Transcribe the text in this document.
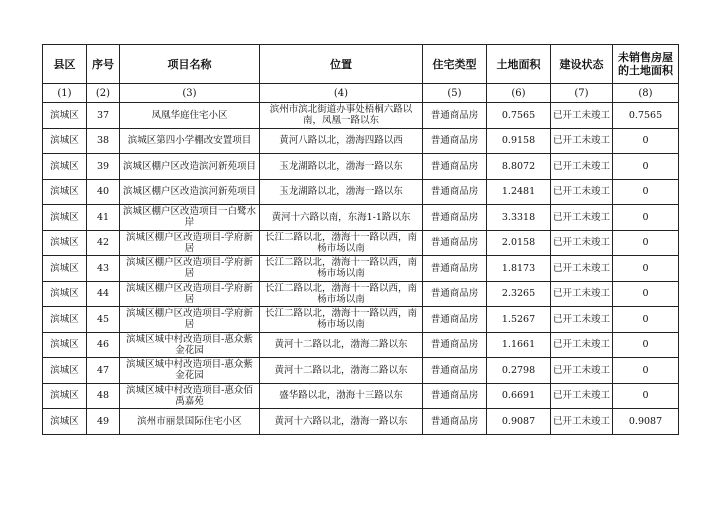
县区	序号	项目名称	位置	住宅类型	土地面积	建设状态	未销售房屋的土地面积
(1)	(2)	(3)	(4)	(5)	(6)	(7)	(8)
滨城区	37	凤凰华庭住宅小区	滨州市滨北街道办事处梧桐六路以南，凤凰一路以东	普通商品房	0.7565	已开工未竣工	0.7565
滨城区	38	滨城区第四小学棚改安置项目	黄河八路以北，渤海四路以西	普通商品房	0.9158	已开工未竣工	0
滨城区	39	滨城区棚户区改造滨河新苑项目	玉龙湖路以北，渤海一路以东	普通商品房	8.8072	已开工未竣工	0
滨城区	40	滨城区棚户区改造滨河新苑项目	玉龙湖路以北，渤海一路以东	普通商品房	1.2481	已开工未竣工	0
滨城区	41	滨城区棚户区改造项目一白鹭水岸	黄河十六路以南，东海1-1路以东	普通商品房	3.3318	已开工未竣工	0
滨城区	42	滨城区棚户区改造项目-学府新居	长江二路以北，渤海十一路以西，南杨市场以南	普通商品房	2.0158	已开工未竣工	0
滨城区	43	滨城区棚户区改造项目-学府新居	长江二路以北，渤海十一路以西，南杨市场以南	普通商品房	1.8173	已开工未竣工	0
滨城区	44	滨城区棚户区改造项目-学府新居	长江二路以北，渤海十一路以西，南杨市场以南	普通商品房	2.3265	已开工未竣工	0
滨城区	45	滨城区棚户区改造项目-学府新居	长江二路以北，渤海十一路以西，南杨市场以南	普通商品房	1.5267	已开工未竣工	0
滨城区	46	滨城区城中村改造项目-惠众紫金花园	黄河十二路以北，渤海二路以东	普通商品房	1.1661	已开工未竣工	0
滨城区	47	滨城区城中村改造项目-惠众紫金花园	黄河十二路以北，渤海二路以东	普通商品房	0.2798	已开工未竣工	0
滨城区	48	滨城区城中村改造项目-惠众佰禹嘉苑	盛华路以北，渤海十三路以东	普通商品房	0.6691	已开工未竣工	0
滨城区	49	滨州市丽景国际住宅小区	黄河十六路以北，渤海一路以东	普通商品房	0.9087	已开工未竣工	0.9087
